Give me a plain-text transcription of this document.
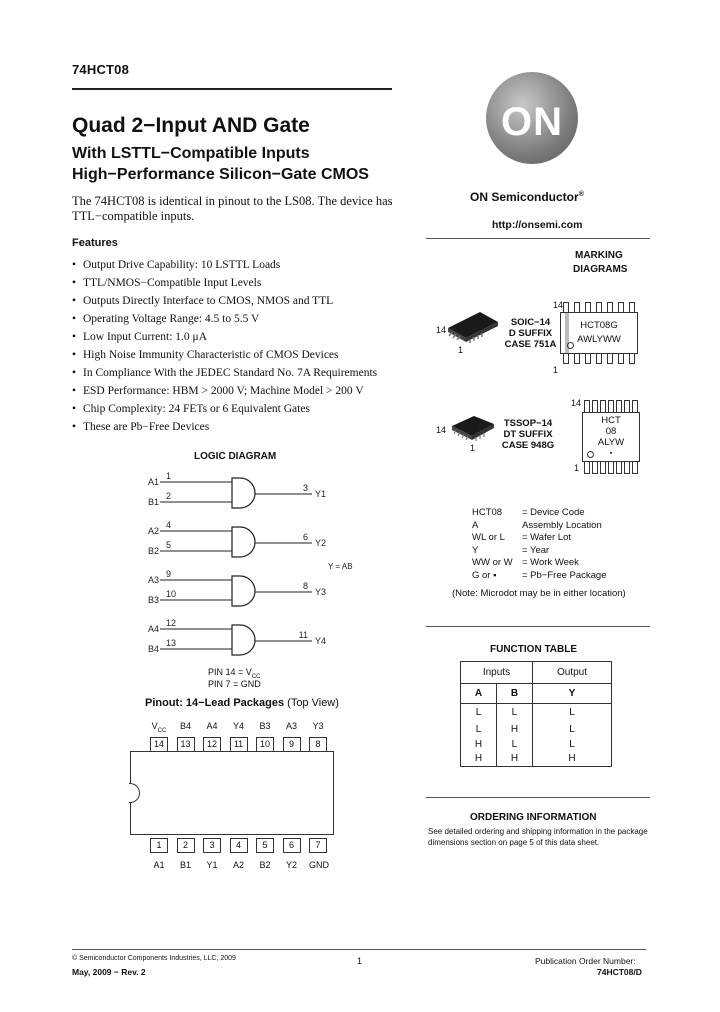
74HCT08
Quad 2−Input AND Gate
With LSTTL−Compatible Inputs
High−Performance Silicon−Gate CMOS
The 74HCT08 is identical in pinout to the LS08. The device has TTL−compatible inputs.
Features
• Output Drive Capability: 10 LSTTL Loads
• TTL/NMOS−Compatible Input Levels
• Outputs Directly Interface to CMOS, NMOS and TTL
• Operating Voltage Range: 4.5 to 5.5 V
• Low Input Current: 1.0 μA
• High Noise Immunity Characteristic of CMOS Devices
• In Compliance With the JEDEC Standard No. 7A Requirements
• ESD Performance: HBM > 2000 V; Machine Model > 200 V
• Chip Complexity: 24 FETs or 6 Equivalent Gates
• These are Pb−Free Devices
LOGIC DIAGRAM
A1
B1
1
2
3
Y1
A2
B2
4
5
6
Y2
A3
B3
9
10
8
Y3
A4
B4
12
13
11
Y4
Y = AB
PIN $14 = V_{CC}$
PIN 7 = GND
Pinout: 14−Lead Packages (Top View)
$V_{CC}$	B4	A4	Y4	B3	A3	Y3
14	13	12	11	10	9	8
1	2	3	4	5	6	7
A1	B1	Y1	A2	B2	Y2	GND
ON
ON Semiconductor®
http://onsemi.com
MARKING
DIAGRAMS
14
1
SOIC−14
D SUFFIX
CASE 751A
14
1
HCT08G
AWLYWW
14
1
TSSOP−14
DT SUFFIX
CASE 948G
14
1
HCT
08
ALYW
▪
HCT08 = Device Code
A	Assembly Location
WL or L = Wafer Lot
Y	= Year
WW or W = Work Week
G or ▪	= Pb−Free Package
(Note: Microdot may be in either location)
FUNCTION TABLE
Inputs		Output
A	B	Y
L	L	L
L	H	L
H	L	L
H	H	H
ORDERING INFORMATION
See detailed ordering and shipping information in the package dimensions section on page 5 of this data sheet.
© Semiconductor Components Industries, LLC, 2009
May, 2009 − Rev. 2
1	Publication Order Number:
74HCT08/D
